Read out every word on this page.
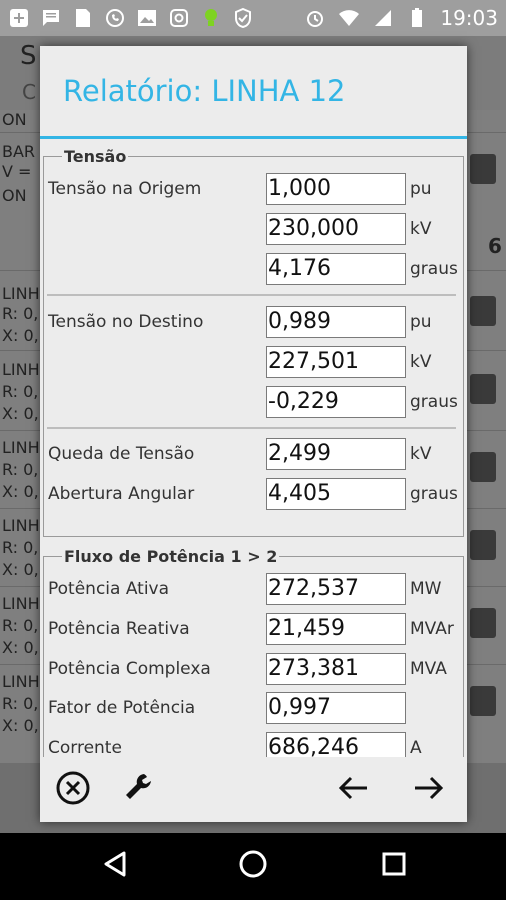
19:03
S
C
ON
BAR
V =
ON
6
LINH
R: 0,
X: 0,
LINH
R: 0,
X: 0,
LINH
R: 0,
X: 0,
LINH
R: 0,
X: 0,
LINH
R: 0,
X: 0,
LINH
R: 0,
X: 0,
Relatório: LINHA 12
Tensão
Tensão na Origem	1,000	pu
230,000	kV
4,176	graus
Tensão no Destino	0,989	pu
227,501	kV
-0,229	graus
Queda de Tensão	2,499	kV
Abertura Angular	4,405	graus
Fluxo de Potência 1 > 2
Potência Ativa	272,537	MW
Potência Reativa	21,459	MVAr
Potência Complexa	273,381	MVA
Fator de Potência	0,997
Corrente	686,246	A
